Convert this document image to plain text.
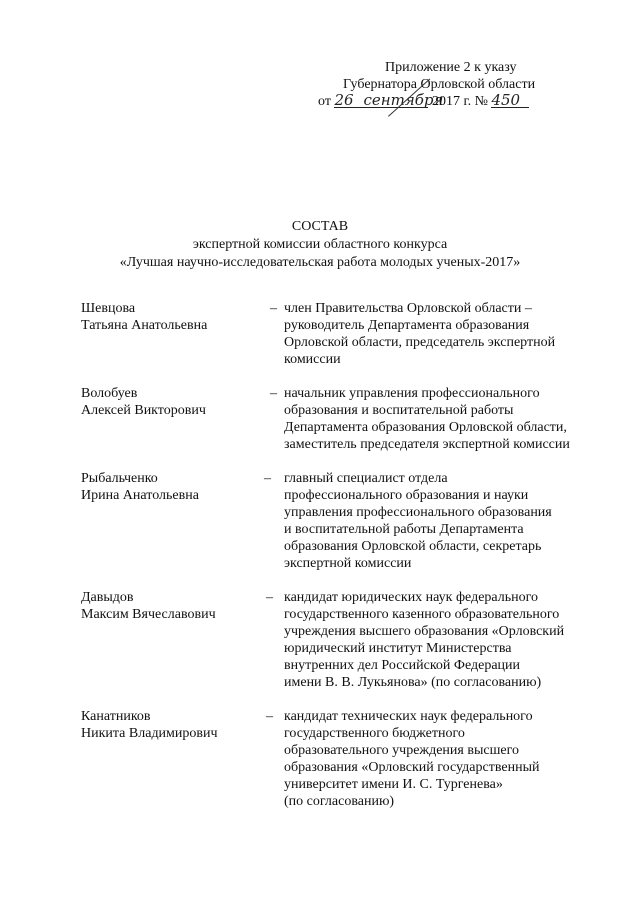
Приложение 2 к указу
Губернатора Орловской области
от 26 сентября 2017 г. № 450
СОСТАВ
экспертной комиссии областного конкурса
«Лучшая научно-исследовательская работа молодых ученых-2017»
Шевцова
Татьяна Анатольевна
– член Правительства Орловской области –
руководитель Департамента образования
Орловской области, председатель экспертной
комиссии
Волобуев
Алексей Викторович
– начальник управления профессионального
образования и воспитательной работы
Департамента образования Орловской области,
заместитель председателя экспертной комиссии
Рыбальченко
Ирина Анатольевна
– главный специалист отдела
профессионального образования и науки
управления профессионального образования
и воспитательной работы Департамента
образования Орловской области, секретарь
экспертной комиссии
Давыдов
Максим Вячеславович
– кандидат юридических наук федерального
государственного казенного образовательного
учреждения высшего образования «Орловский
юридический институт Министерства
внутренних дел Российской Федерации
имени В. В. Лукьянова» (по согласованию)
Канатников
Никита Владимирович
– кандидат технических наук федерального
государственного бюджетного
образовательного учреждения высшего
образования «Орловский государственный
университет имени И. С. Тургенева»
(по согласованию)
